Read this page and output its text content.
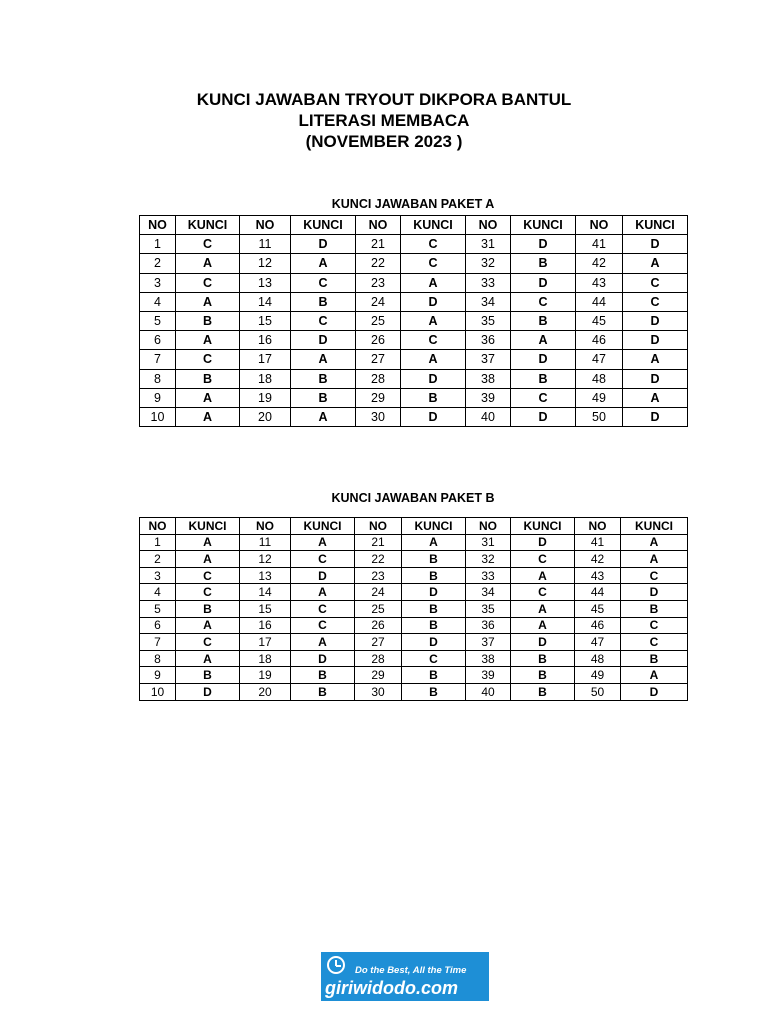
KUNCI JAWABAN TRYOUT DIKPORA BANTUL
LITERASI MEMBACA
(NOVEMBER 2023 )
KUNCI JAWABAN PAKET A
NO	KUNCI	NO	KUNCI	NO	KUNCI	NO	KUNCI	NO	KUNCI
1	C	11	D	21	C	31	D	41	D
2	A	12	A	22	C	32	B	42	A
3	C	13	C	23	A	33	D	43	C
4	A	14	B	24	D	34	C	44	C
5	B	15	C	25	A	35	B	45	D
6	A	16	D	26	C	36	A	46	D
7	C	17	A	27	A	37	D	47	A
8	B	18	B	28	D	38	B	48	D
9	A	19	B	29	B	39	C	49	A
10	A	20	A	30	D	40	D	50	D
KUNCI JAWABAN PAKET B
NO	KUNCI	NO	KUNCI	NO	KUNCI	NO	KUNCI	NO	KUNCI
1	A	11	A	21	A	31	D	41	A
2	A	12	C	22	B	32	C	42	A
3	C	13	D	23	B	33	A	43	C
4	C	14	A	24	D	34	C	44	D
5	B	15	C	25	B	35	A	45	B
6	A	16	C	26	B	36	A	46	C
7	C	17	A	27	D	37	D	47	C
8	A	18	D	28	C	38	B	48	B
9	B	19	B	29	B	39	B	49	A
10	D	20	B	30	B	40	B	50	D
Do the Best, All the Time
giriwidodo.com
